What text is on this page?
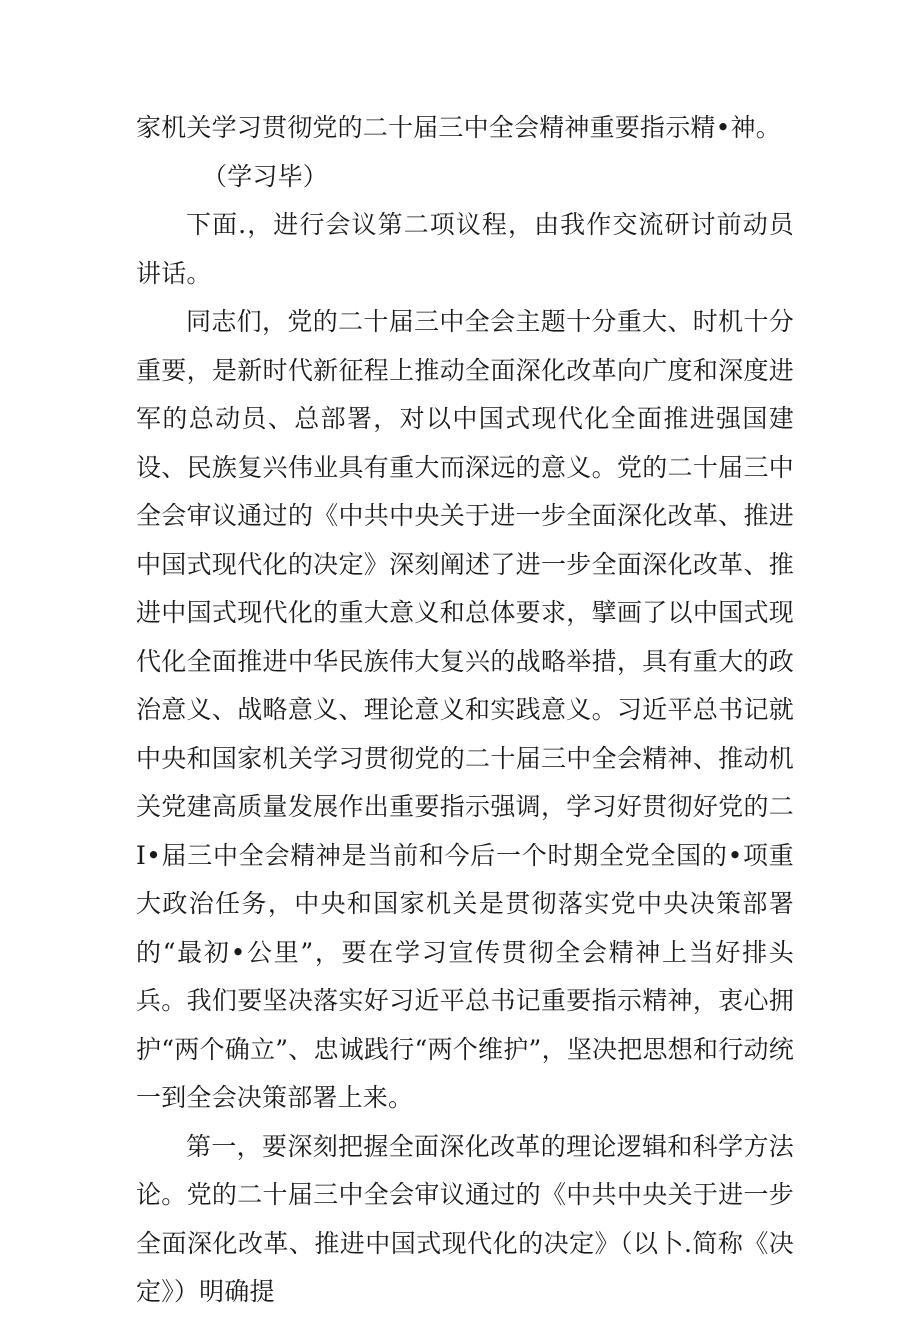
家机关学习贯彻党的二十届三中全会精神重要指示精•神。

（学习毕）

下面.，进行会议第二项议程，由我作交流研讨前动员讲话。

同志们，党的二十届三中全会主题十分重大、时机十分重要，是新时代新征程上推动全面深化改革向广度和深度进军的总动员、总部署，对以中国式现代化全面推进强国建设、民族复兴伟业具有重大而深远的意义。党的二十届三中全会审议通过的《中共中央关于进一步全面深化改革、推进中国式现代化的决定》深刻阐述了进一步全面深化改革、推进中国式现代化的重大意义和总体要求，擘画了以中国式现代化全面推进中华民族伟大复兴的战略举措，具有重大的政治意义、战略意义、理论意义和实践意义。习近平总书记就中央和国家机关学习贯彻党的二十届三中全会精神、推动机关党建高质量发展作出重要指示强调，学习好贯彻好党的二I•届三中全会精神是当前和今后一个时期全党全国的•项重大政治任务，中央和国家机关是贯彻落实党中央决策部署的“最初•公里”，要在学习宣传贯彻全会精神上当好排头兵。我们要坚决落实好习近平总书记重要指示精神，衷心拥护“两个确立”、忠诚践行“两个维护”，坚决把思想和行动统一到全会决策部署上来。

第一，要深刻把握全面深化改革的理论逻辑和科学方法论。党的二十届三中全会审议通过的《中共中央关于进一步全面深化改革、推进中国式现代化的决定》（以卜.简称《决定》）明确提
